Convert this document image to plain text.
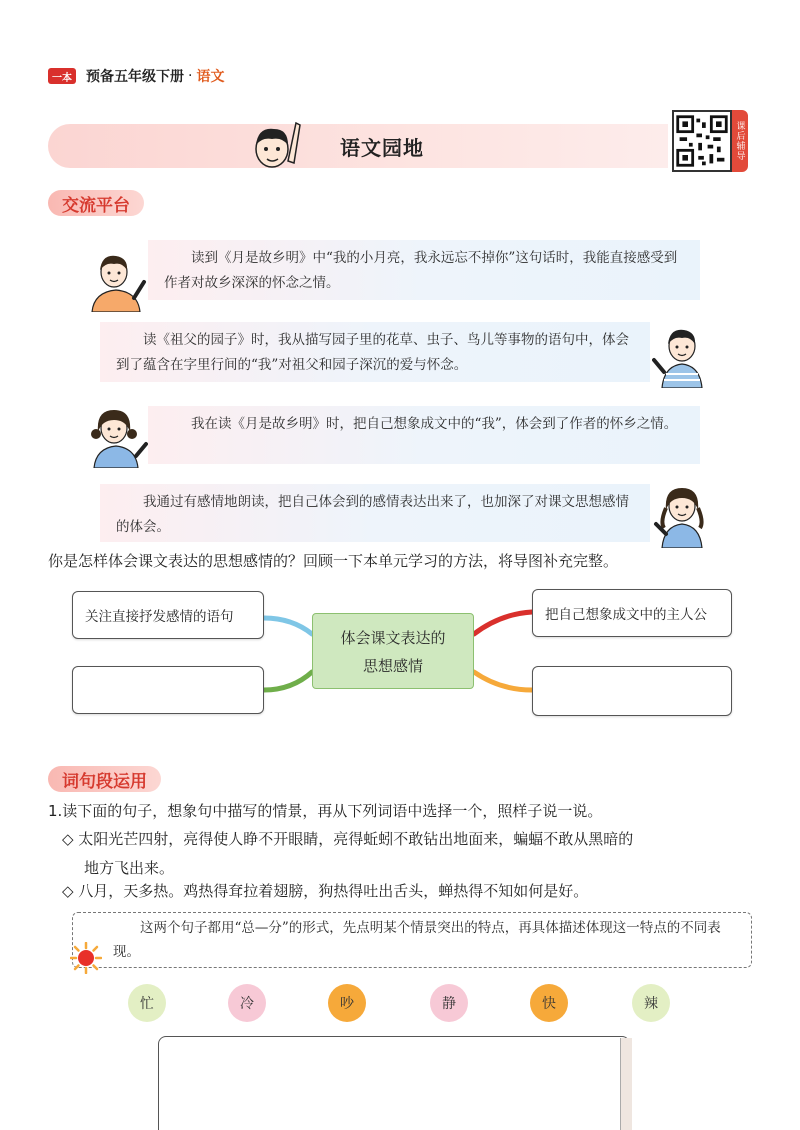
一本 预备五年级下册 · 语文
语文园地	课后辅导
交流平台

读到《月是故乡明》中“我的小月亮，我永远忘不掉你”这句话时，我能直接感受到作者对故乡深深的怀念之情。

读《祖父的园子》时，我从描写园子里的花草、虫子、鸟儿等事物的语句中，体会到了蕴含在字里行间的“我”对祖父和园子深沉的爱与怀念。

我在读《月是故乡明》时，把自己想象成文中的“我”，体会到了作者的怀乡之情。

我通过有感情地朗读，把自己体会到的感情表达出来了，也加深了对课文思想感情的体会。

你是怎样体会课文表达的思想感情的？回顾一下本单元学习的方法，将导图补充完整。
关注直接抒发感情的语句
体会课文表达的
思想感情
把自己想象成文中的主人公
词句段运用
1.读下面的句子，想象句中描写的情景，再从下列词语中选择一个，照样子说一说。
◇ 太阳光芒四射，亮得使人睁不开眼睛，亮得蚯蚓不敢钻出地面来，蝙蝠不敢从黑暗的
地方飞出来。
◇ 八月，天多热。鸡热得耷拉着翅膀，狗热得吐出舌头，蝉热得不知如何是好。

这两个句子都用“总—分”的形式，先点明某个情景突出的特点，再具体描述体现这一特点的不同表现。

忙	冷	吵	静	快	辣
